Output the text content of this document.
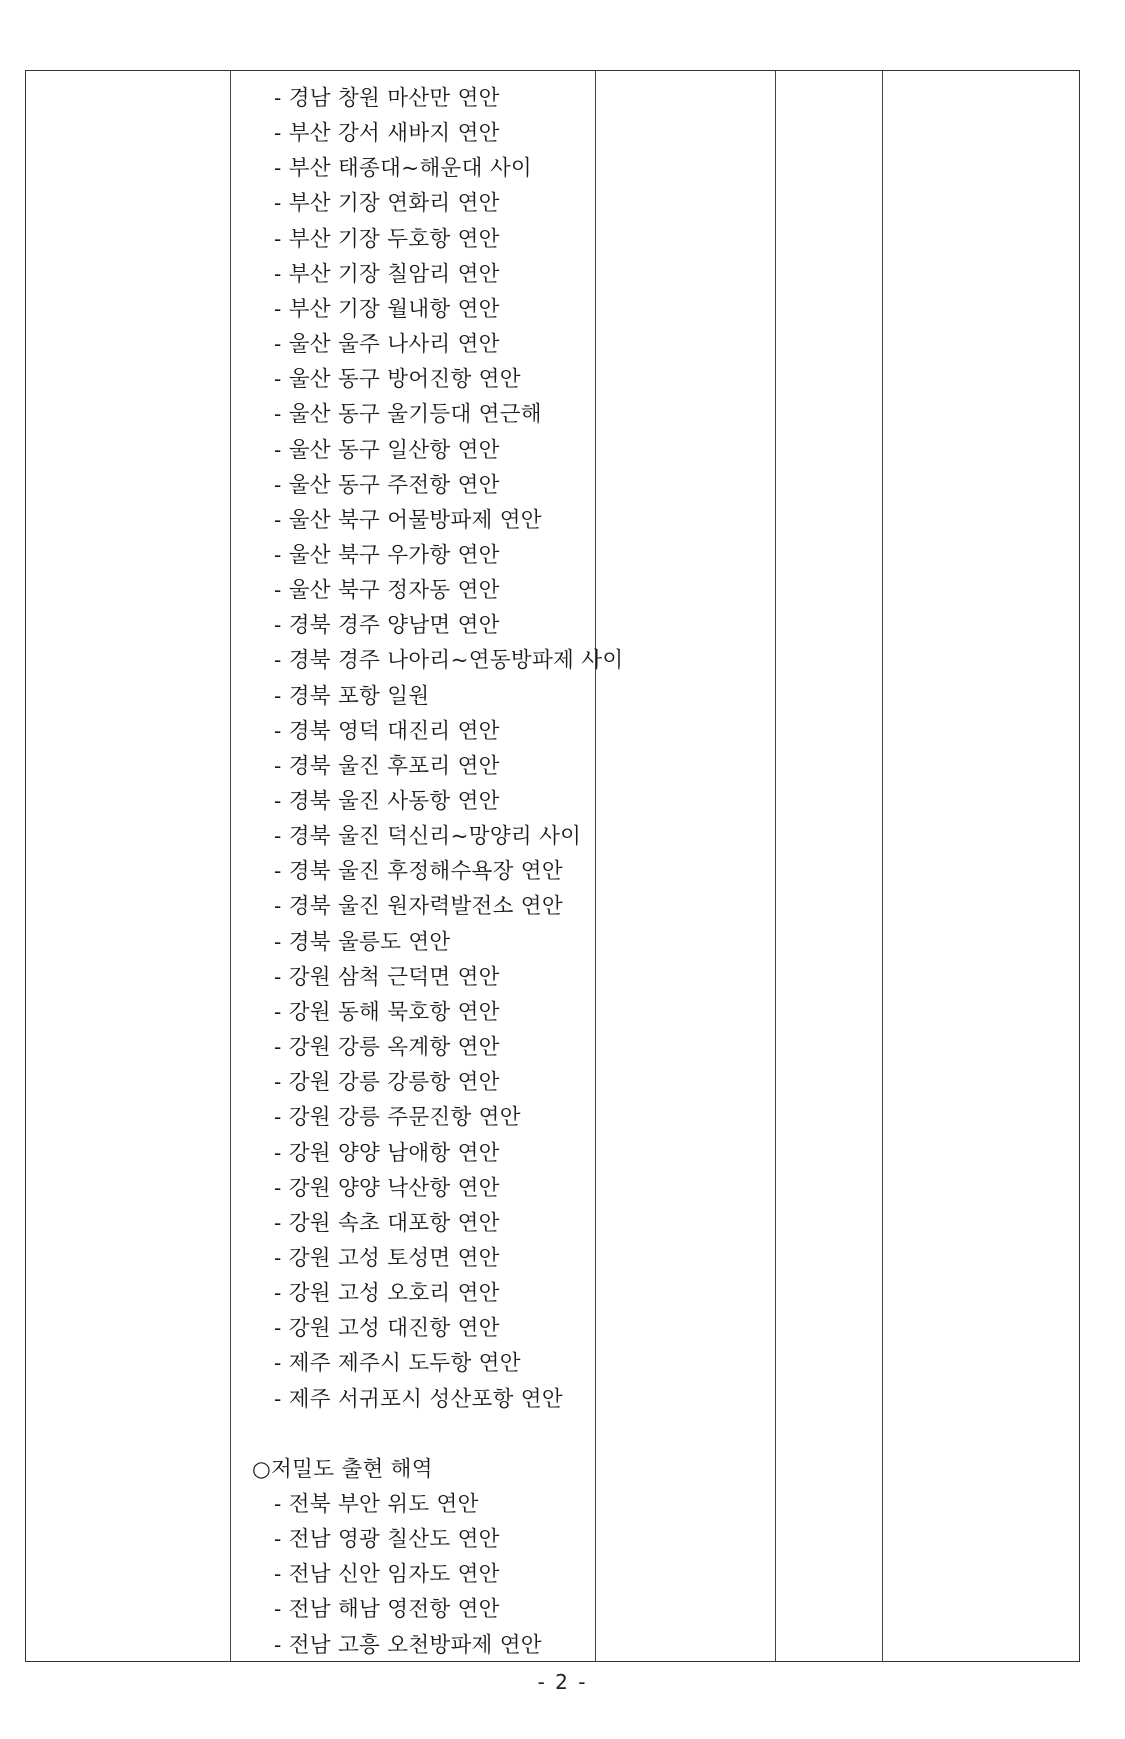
- 경남 창원 마산만 연안
- 부산 강서 새바지 연안
- 부산 태종대~해운대 사이
- 부산 기장 연화리 연안
- 부산 기장 두호항 연안
- 부산 기장 칠암리 연안
- 부산 기장 월내항 연안
- 울산 울주 나사리 연안
- 울산 동구 방어진항 연안
- 울산 동구 울기등대 연근해
- 울산 동구 일산항 연안
- 울산 동구 주전항 연안
- 울산 북구 어물방파제 연안
- 울산 북구 우가항 연안
- 울산 북구 정자동 연안
- 경북 경주 양남면 연안
- 경북 경주 나아리~연동방파제 사이
- 경북 포항 일원
- 경북 영덕 대진리 연안
- 경북 울진 후포리 연안
- 경북 울진 사동항 연안
- 경북 울진 덕신리~망양리 사이
- 경북 울진 후정해수욕장 연안
- 경북 울진 원자력발전소 연안
- 경북 울릉도 연안
- 강원 삼척 근덕면 연안
- 강원 동해 묵호항 연안
- 강원 강릉 옥계항 연안
- 강원 강릉 강릉항 연안
- 강원 강릉 주문진항 연안
- 강원 양양 남애항 연안
- 강원 양양 낙산항 연안
- 강원 속초 대포항 연안
- 강원 고성 토성면 연안
- 강원 고성 오호리 연안
- 강원 고성 대진항 연안
- 제주 제주시 도두항 연안
- 제주 서귀포시 성산포항 연안
○저밀도 출현 해역
- 전북 부안 위도 연안
- 전남 영광 칠산도 연안
- 전남 신안 임자도 연안
- 전남 해남 영전항 연안
- 전남 고흥 오천방파제 연안
- 2 -
